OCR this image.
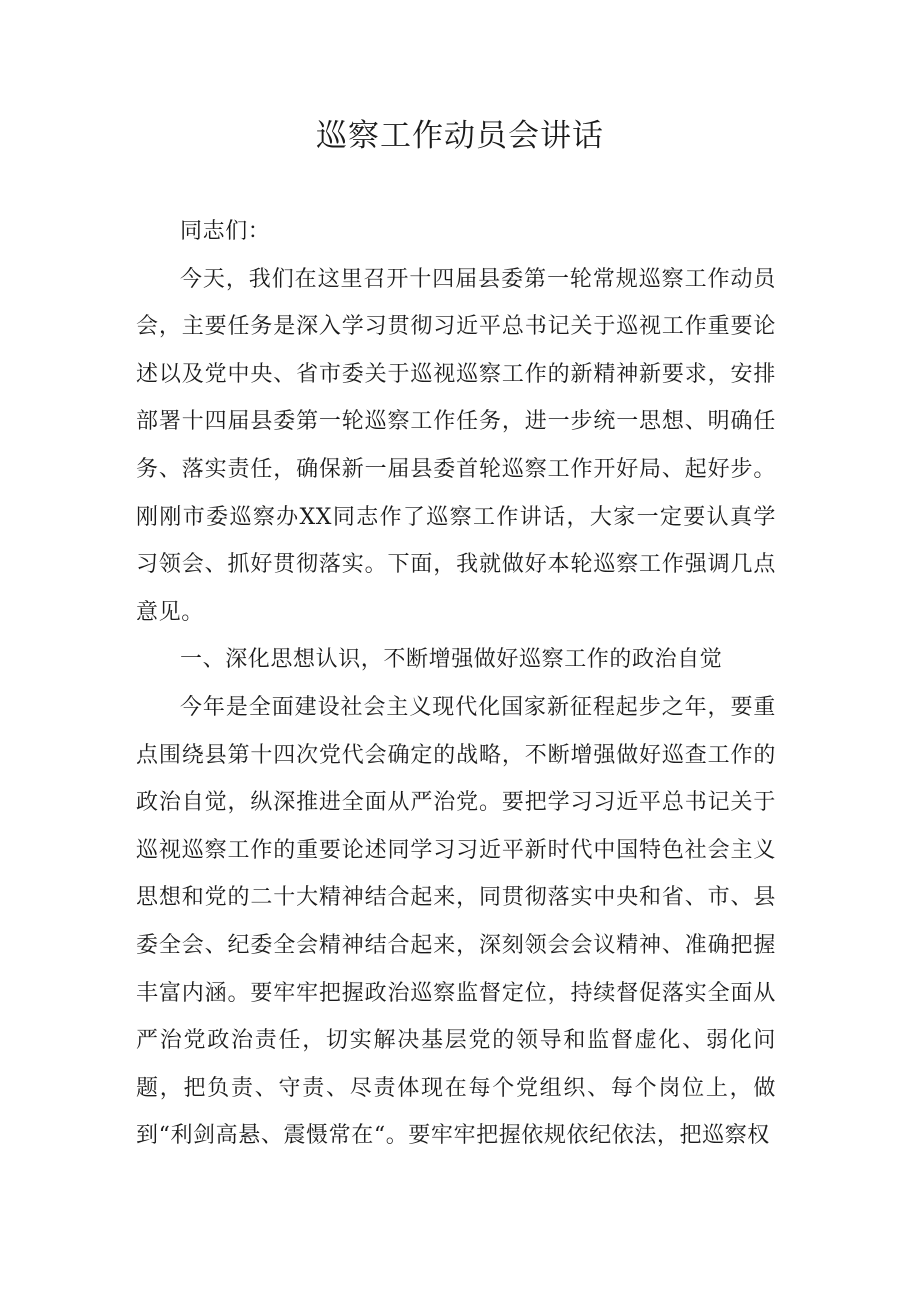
巡察工作动员会讲话

同志们：

今天，我们在这里召开十四届县委第一轮常规巡察工作动员会，主要任务是深入学习贯彻习近平总书记关于巡视工作重要论述以及党中央、省市委关于巡视巡察工作的新精神新要求，安排部署十四届县委第一轮巡察工作任务，进一步统一思想、明确任务、落实责任，确保新一届县委首轮巡察工作开好局、起好步。刚刚市委巡察办XX同志作了巡察工作讲话，大家一定要认真学习领会、抓好贯彻落实。下面，我就做好本轮巡察工作强调几点意见。

一、深化思想认识，不断增强做好巡察工作的政治自觉

今年是全面建设社会主义现代化国家新征程起步之年，要重点围绕县第十四次党代会确定的战略，不断增强做好巡查工作的政治自觉，纵深推进全面从严治党。要把学习习近平总书记关于巡视巡察工作的重要论述同学习习近平新时代中国特色社会主义思想和党的二十大精神结合起来，同贯彻落实中央和省、市、县委全会、纪委全会精神结合起来，深刻领会会议精神、准确把握丰富内涵。要牢牢把握政治巡察监督定位，持续督促落实全面从严治党政治责任，切实解决基层党的领导和监督虚化、弱化问题，把负责、守责、尽责体现在每个党组织、每个岗位上，做到“利剑高悬、震慑常在“。要牢牢把握依规依纪依法，把巡察权
